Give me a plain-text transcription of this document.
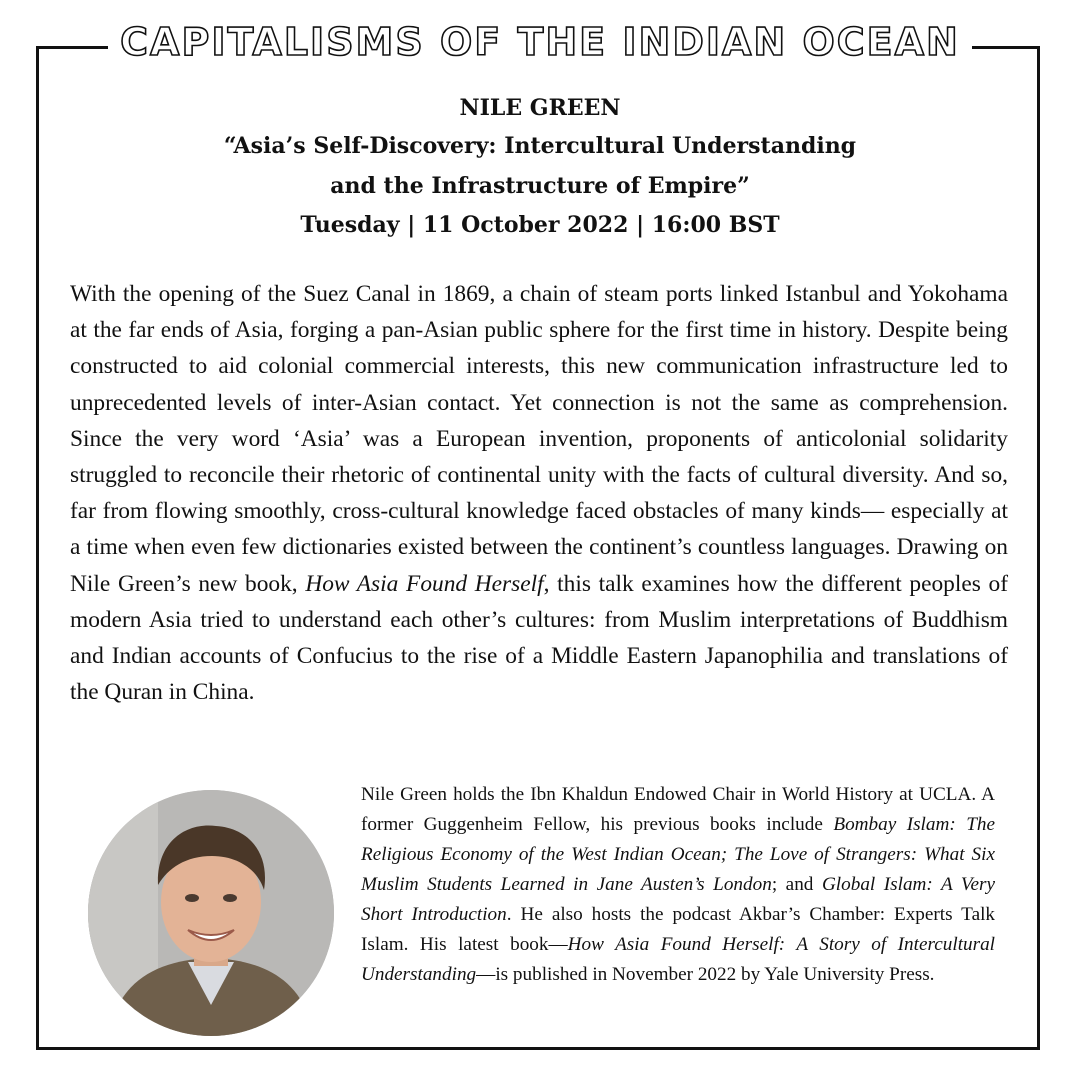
CAPITALISMS OF THE INDIAN OCEAN
NILE GREEN
“Asia’s Self-Discovery: Intercultural Understanding
and the Infrastructure of Empire”
Tuesday | 11 October 2022 | 16:00 BST

With the opening of the Suez Canal in 1869, a chain of steam ports linked Istanbul and Yokohama at the far ends of Asia, forging a pan-Asian public sphere for the first time in history. Despite being constructed to aid colonial commercial interests, this new communication infrastructure led to unprecedented levels of inter-Asian contact. Yet connection is not the same as comprehension. Since the very word ‘Asia’ was a European invention, proponents of anticolonial solidarity struggled to reconcile their rhetoric of continental unity with the facts of cultural diversity. And so, far from flowing smoothly, cross-cultural knowledge faced obstacles of many kinds— especially at a time when even few dictionaries existed between the continent’s countless languages. Drawing on Nile Green’s new book, How Asia Found Herself, this talk examines how the different peoples of modern Asia tried to understand each other’s cultures: from Muslim interpretations of Buddhism and Indian accounts of Confucius to the rise of a Middle Eastern Japanophilia and translations of the Quran in China.

Nile Green holds the Ibn Khaldun Endowed Chair in World History at UCLA. A former Guggenheim Fellow, his previous books include Bombay Islam: The Religious Economy of the West Indian Ocean; The Love of Strangers: What Six Muslim Students Learned in Jane Austen’s London; and Global Islam: A Very Short Introduction. He also hosts the podcast Akbar’s Chamber: Experts Talk Islam. His latest book—How Asia Found Herself: A Story of Intercultural Understanding—is published in November 2022 by Yale University Press.
